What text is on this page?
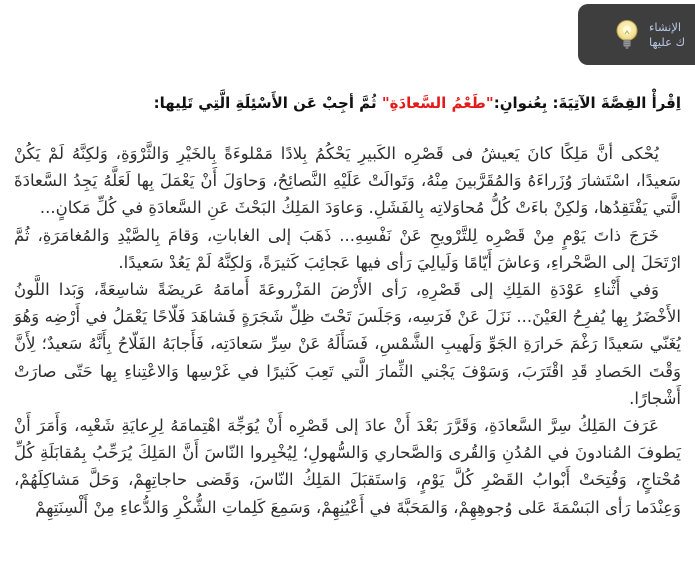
اِقْرأْ القِصَّةَ الآتِيَةَ: بِعُنوانِ:"طَعْمُ السَّعادَةِ" ثُمَّ أجِبْ عَن الأَسْئِلَةِ الَّتِي تَلِيها:

يُحْكى أنَّ مَلِكًا كانَ يَعيشُ فى قَصْرِه الكَبيرِ يَحْكُمُ بِلادًا مَمْلوءَةً بِالخَيْرِ وَالثَّرْوَةِ، وَلكِنَّهُ لَمْ يَكُنْ سَعيدًا، اسْتَشارَ وُزَراءَهُ وَالمُقَرَّبينَ مِنْهُ، وَتَوالَتْ عَلَيْهِ النَّصائِحُ، وَحاوَلَ أَنْ يَعْمَلَ بِها لَعَلَّهُ يَجِدُ السَّعادَةَ الَّتي يَفْتَقِدُها، وَلكِنْ باءَتْ كُلُّ مُحاوَلاتِه بِالفَشَلِ. وَعاوَدَ المَلِكُ البَحْثَ عَنِ السَّعادَةِ في كُلِّ مَكانٍ...

خَرَجَ ذاتَ يَوْمٍ مِنْ قَصْرِه لِلتَّرْويحِ عَنْ نَفْسِهِ... ذَهَبَ إلى الغاباتِ، وَقامَ بِالصَّيْدِ وَالمُغامَرَةِ، ثُمَّ ارْتَحَلَ إلى الصَّحْراءِ، وَعاشَ أَيّامًا وَلَيالِيَ رَأى فيها عَجائِبَ كَثيرَةً، وَلكِنَّهُ لَمْ يَعُدْ سَعيدًا.

وَفي أَثْناءِ عَوْدَةِ المَلِكِ إلى قَصْرِهِ، رَأى الأَرْضَ المَزْروعَةَ أَمامَهُ عَريضَةً شاسِعَةً، وَبَدا اللَّونُ الأَخْضَرُ بِها يُفرِحُ العَيْنَ... نَزَلَ عَنْ فَرَسِه، وَجَلَسَ تَحْتَ ظِلِّ شَجَرَةٍ فَشاهَدَ فَلّاحًا يَعْمَلُ في أَرْضِه وَهُوَ يُغَنّي سَعيدًا رَغْمَ حَرارَةِ الجَوِّ وَلَهيبِ الشَّمْسِ، فَسَأَلَهُ عَنْ سِرِّ سَعادَتِه، فَأَجابَهُ الفَلّاحُ بِأَنَّهُ سَعيدٌ؛ لِأَنَّ وَقْتَ الحَصادِ قَدِ اقْتَرَبَ، وَسَوْفَ يَجْني الثِّمارَ الَّتي تَعِبَ كَثيرًا في غَرْسِها وَالاعْتِناءِ بِها حَتّى صارَتْ أَشْجارًا.

عَرَفَ المَلِكُ سِرَّ السَّعادَةِ، وَقَرَّرَ بَعْدَ أَنْ عادَ إلى قَصْرِه أَنْ يُوَجِّهَ اهْتِمامَهُ لِرِعايَةِ شَعْبِه، وَأَمَرَ أَنْ يَطوفَ المُنادونَ في المُدُنِ وَالقُرى وَالصَّحاري وَالسُّهولِ؛ لِيُخْبِروا النّاسَ أَنَّ المَلِكَ يُرَحِّبُ بِمُقابَلَةِ كُلِّ مُحْتاجٍ، وَفُتِحَتْ أَبْوابُ القَصْرِ كُلَّ يَوْمٍ، وَاستَقبَلَ المَلِكُ النّاسَ، وَقَضى حاجاتِهِمْ، وَحَلَّ مَشاكِلَهُمْ، وَعِنْدَما رَأى البَسْمَةَ عَلى وُجوهِهِمْ، وَالمَحَبَّةَ في أَعْيُنِهِمْ، وَسَمِعَ كَلِماتِ الشُّكْرِ وَالدُّعاءِ مِنْ أَلْسِنَتِهِمْ

الإنشاء
ك عليها
